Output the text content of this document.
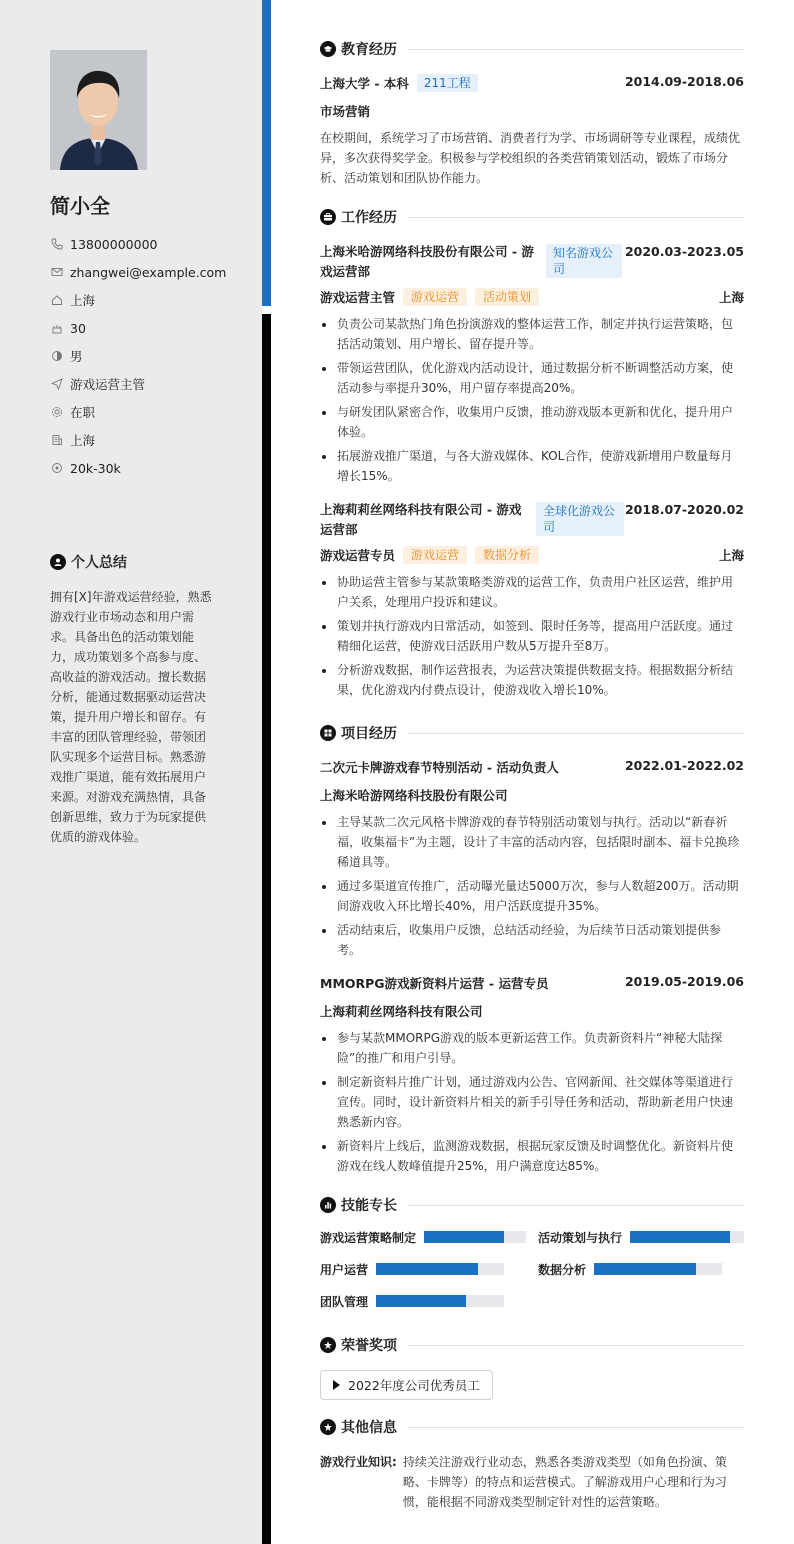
简小全
13800000000
zhangwei@example.com
上海
30
男
游戏运营主管
在职
上海
20k-30k
个人总结
拥有[X]年游戏运营经验，熟悉游戏行业市场动态和用户需求。具备出色的活动策划能力，成功策划多个高参与度、高收益的游戏活动。擅长数据分析，能通过数据驱动运营决策，提升用户增长和留存。有丰富的团队管理经验，带领团队实现多个运营目标。熟悉游戏推广渠道，能有效拓展用户来源。对游戏充满热情，具备创新思维，致力于为玩家提供优质的游戏体验。
教育经历
上海大学 - 本科	211工程	2014.09-2018.06
市场营销
在校期间，系统学习了市场营销、消费者行为学、市场调研等专业课程，成绩优异，多次获得奖学金。积极参与学校组织的各类营销策划活动，锻炼了市场分析、活动策划和团队协作能力。
工作经历
上海米哈游网络科技股份有限公司 - 游戏运营部
知名游戏公司
2020.03-2023.05
游戏运营主管	游戏运营	活动策划	上海
负责公司某款热门角色扮演游戏的整体运营工作，制定并执行运营策略，包括活动策划、用户增长、留存提升等。
带领运营团队，优化游戏内活动设计，通过数据分析不断调整活动方案，使活动参与率提升30%，用户留存率提高20%。
与研发团队紧密合作，收集用户反馈，推动游戏版本更新和优化，提升用户体验。
拓展游戏推广渠道，与各大游戏媒体、KOL合作，使游戏新增用户数量每月增长15%。
上海莉莉丝网络科技有限公司 - 游戏运营部
全球化游戏公司
2018.07-2020.02
游戏运营专员	游戏运营	数据分析	上海
协助运营主管参与某款策略类游戏的运营工作，负责用户社区运营，维护用户关系，处理用户投诉和建议。
策划并执行游戏内日常活动，如签到、限时任务等，提高用户活跃度。通过精细化运营，使游戏日活跃用户数从5万提升至8万。
分析游戏数据，制作运营报表，为运营决策提供数据支持。根据数据分析结果，优化游戏内付费点设计，使游戏收入增长10%。
项目经历
二次元卡牌游戏春节特别活动 - 活动负责人	2022.01-2022.02
上海米哈游网络科技股份有限公司
主导某款二次元风格卡牌游戏的春节特别活动策划与执行。活动以“新春祈福，收集福卡”为主题，设计了丰富的活动内容，包括限时副本、福卡兑换珍稀道具等。
通过多渠道宣传推广，活动曝光量达5000万次，参与人数超200万。活动期间游戏收入环比增长40%，用户活跃度提升35%。
活动结束后，收集用户反馈，总结活动经验，为后续节日活动策划提供参考。
MMORPG游戏新资料片运营 - 运营专员	2019.05-2019.06
上海莉莉丝网络科技有限公司
参与某款MMORPG游戏的版本更新运营工作。负责新资料片“神秘大陆探险”的推广和用户引导。
制定新资料片推广计划，通过游戏内公告、官网新闻、社交媒体等渠道进行宣传。同时，设计新资料片相关的新手引导任务和活动，帮助新老用户快速熟悉新内容。
新资料片上线后，监测游戏数据，根据玩家反馈及时调整优化。新资料片使游戏在线人数峰值提升25%，用户满意度达85%。
技能专长
游戏运营策略制定	活动策划与执行
用户运营	数据分析
团队管理
荣誉奖项
2022年度公司优秀员工
其他信息
游戏行业知识: 持续关注游戏行业动态，熟悉各类游戏类型（如角色扮演、策略、卡牌等）的特点和运营模式。了解游戏用户心理和行为习惯，能根据不同游戏类型制定针对性的运营策略。
